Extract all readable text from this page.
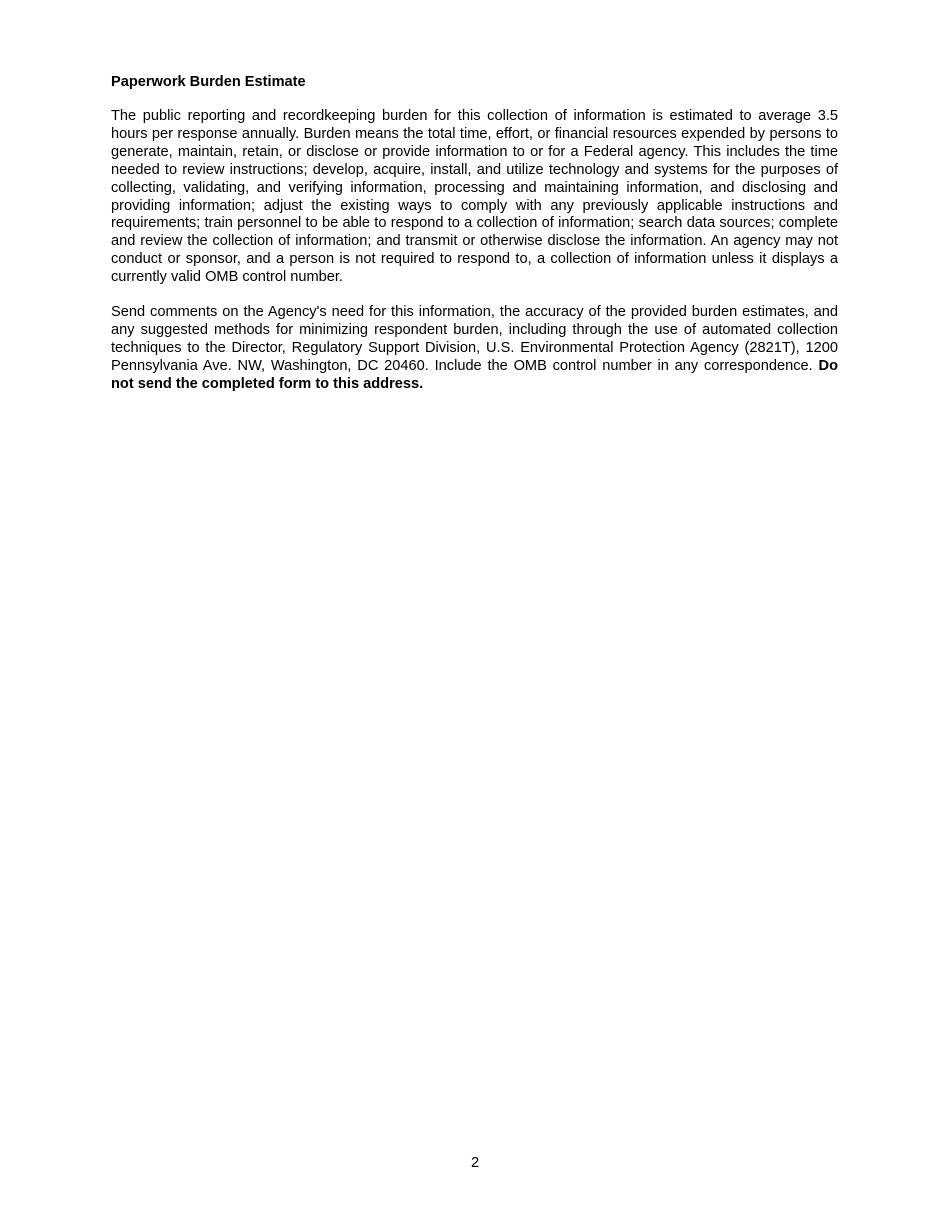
Paperwork Burden Estimate

The public reporting and recordkeeping burden for this collection of information is estimated to average 3.5 hours per response annually. Burden means the total time, effort, or financial resources expended by persons to generate, maintain, retain, or disclose or provide information to or for a Federal agency. This includes the time needed to review instructions; develop, acquire, install, and utilize technology and systems for the purposes of collecting, validating, and verifying information, processing and maintaining information, and disclosing and providing information; adjust the existing ways to comply with any previously applicable instructions and requirements; train personnel to be able to respond to a collection of information; search data sources; complete and review the collection of information; and transmit or otherwise disclose the information. An agency may not conduct or sponsor, and a person is not required to respond to, a collection of information unless it displays a currently valid OMB control number.

Send comments on the Agency's need for this information, the accuracy of the provided burden estimates, and any suggested methods for minimizing respondent burden, including through the use of automated collection techniques to the Director, Regulatory Support Division, U.S. Environmental Protection Agency (2821T), 1200 Pennsylvania Ave. NW, Washington, DC 20460. Include the OMB control number in any correspondence. Do not send the completed form to this address.

2
